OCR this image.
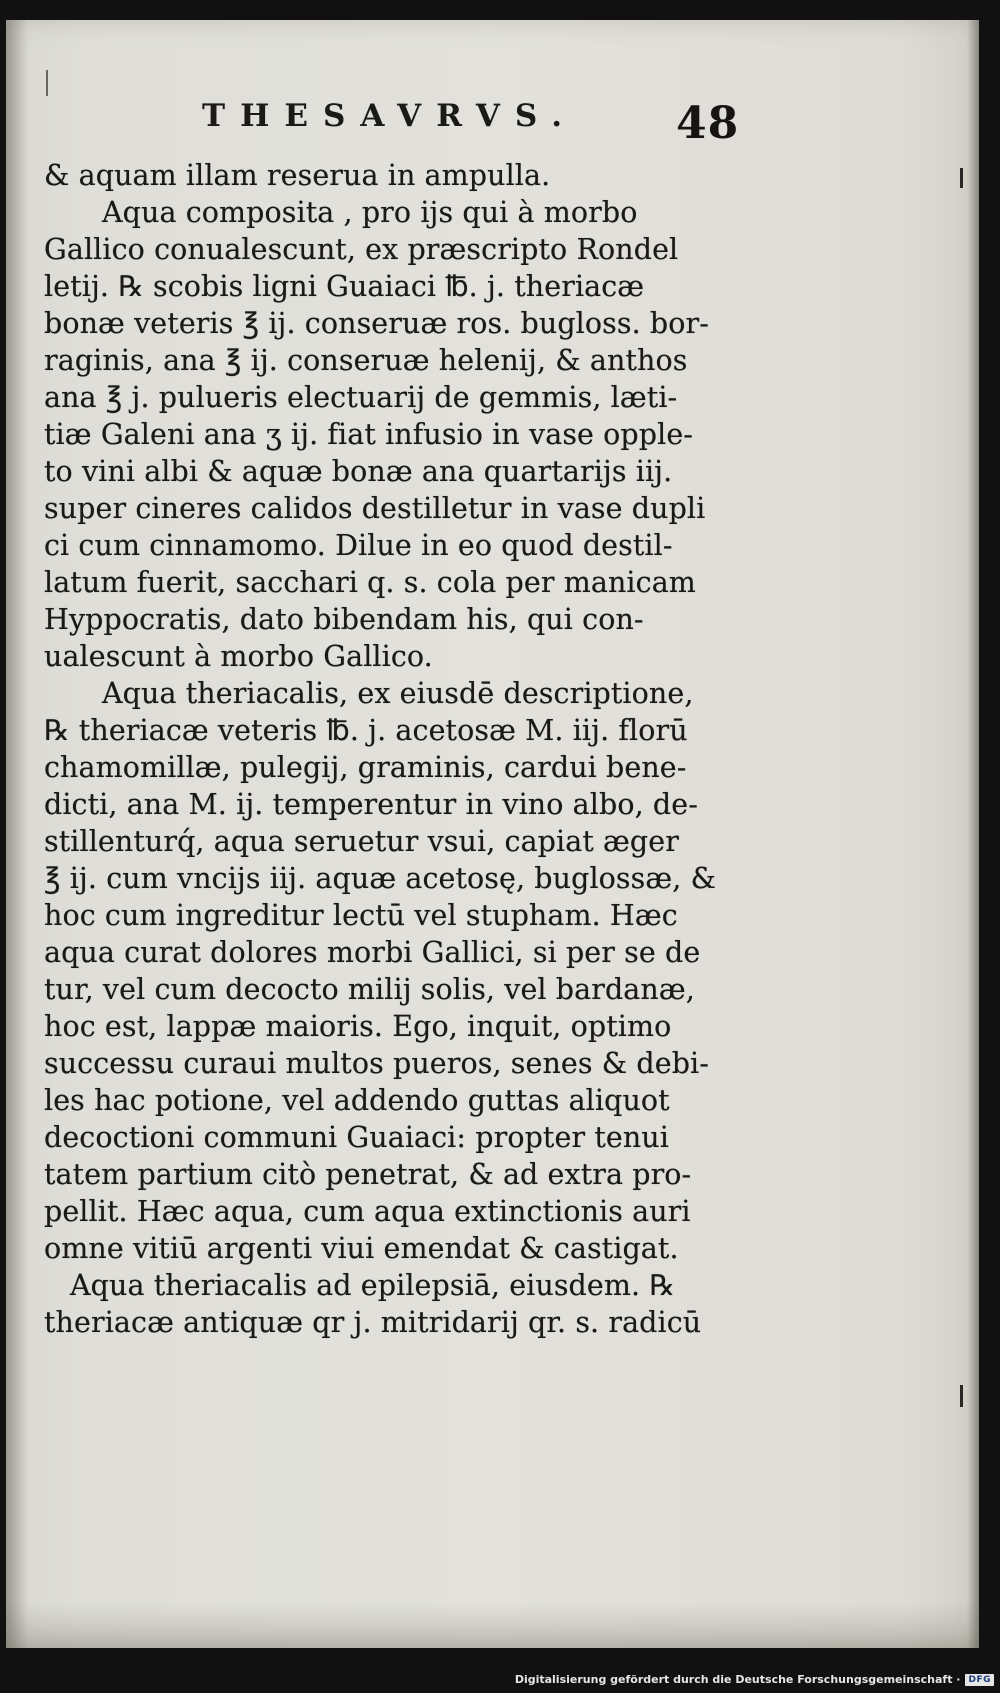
THESAVRVS. 48
& aquam illam reserua in ampulla.
Aqua composita , pro ijs qui à morbo
Gallico conualescunt, ex præscripto Rondel
letij. ℞ scobis ligni Guaiaci ℔. j. theriacæ
bonæ veteris ℥ ij. conseruæ ros. bugloss. bor-
raginis, ana ℥ ij. conseruæ helenij, & anthos
ana ℥ j. pulueris electuarij de gemmis, læti-
tiæ Galeni ana ʒ ij. fiat infusio in vase opple-
to vini albi & aquæ bonæ ana quartarijs iij.
super cineres calidos destilletur in vase dupli
ci cum cinnamomo. Dilue in eo quod destil-
latum fuerit, sacchari q. s. cola per manicam
Hyppocratis, dato bibendam his, qui con-
ualescunt à morbo Gallico.
Aqua theriacalis, ex eiusdē descriptione,
℞ theriacæ veteris ℔. j. acetosæ M. iij. florū
chamomillæ, pulegij, graminis, cardui bene-
dicti, ana M. ij. temperentur in vino albo, de-
stillenturq́, aqua seruetur vsui, capiat æger
℥ ij. cum vncijs iij. aquæ acetosę, buglossæ, &
hoc cum ingreditur lectū vel stupham. Hæc
aqua curat dolores morbi Gallici, si per se de
tur, vel cum decocto milij solis, vel bardanæ,
hoc est, lappæ maioris. Ego, inquit, optimo
successu curaui multos pueros, senes & debi-
les hac potione, vel addendo guttas aliquot
decoctioni communi Guaiaci: propter tenui
tatem partium citò penetrat, & ad extra pro-
pellit. Hæc aqua, cum aqua extinctionis auri
omne vitiū argenti viui emendat & castigat.
Aqua theriacalis ad epilepsiā, eiusdem. ℞
theriacæ antiquæ qr j. mitridarij qr. s. radicū
Digitalisierung gefördert durch die Deutsche Forschungsgemeinschaft · DFG
